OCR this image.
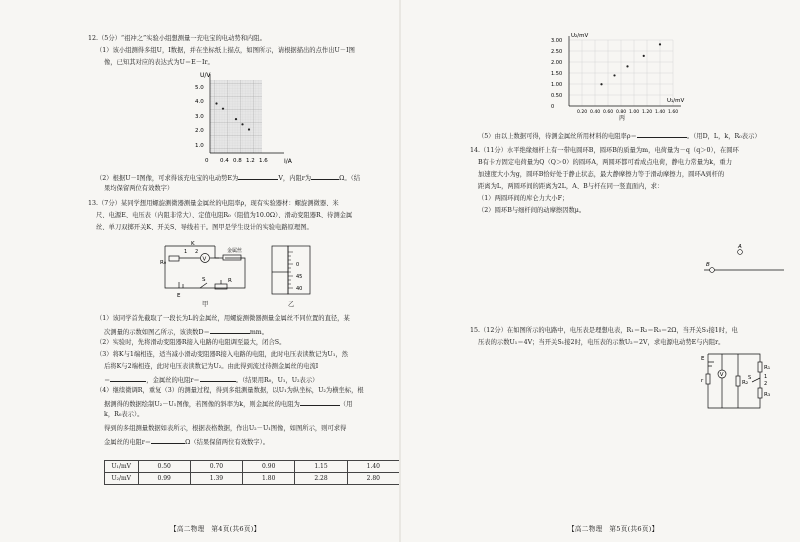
12.（5分）“祖冲之”实验小组想测量一充电宝的电动势和内阻。
（1）该小组测得多组U，I数据，并在坐标纸上描点，如图所示，请根据描出的点作出U－I图
像，已知其对应的表达式为U＝E－Ir。
U/V
I/A
5.0
4.0
3.0
2.0
1.0
0 0.4 0.8 1.2 1.6
（2）根据U－I图像，可求得该充电宝的电动势E为	V，内阻r为	Ω。（结
果均保留两位有效数字）
13.（7分）某同学想用螺旋测微器测量金属丝的电阻率ρ，现有实验器材：螺旋测微器、米
尺、电源E、电压表（内阻非常大）、定值电阻R₀（阻值为10.0Ω）、滑动变阻器R、待测金属
丝、单刀双掷开关K、开关S、导线若干。图甲是学生设计的实验电路原理图。
K
1 2
R₀
V
金属丝
E
S	R
甲
0
45
40
乙
（1）该同学首先截取了一段长为L的金属丝，用螺旋测微器测量金属丝不同位置的直径，某
次测量的示数如图乙所示，该读数D＝	mm。
（2）实验时，先将滑动变阻器R接入电路的电阻调至最大，闭合S。
（3）将K与1端相连，适当减小滑动变阻器R接入电路的电阻，此时电压表读数记为U₁，然
后将K与2端相连，此时电压表读数记为U₂。由此得到流过待测金属丝的电流I
＝	，金属丝的电阻r＝	。（结果用R₀，U₁，U₂表示）
（4）继续微调R，重复（3）的测量过程，得到多组测量数据，以U₁为纵坐标，U₂为横坐标，根
据测得的数据绘制U₂－U₁图像，若图像的斜率为k，则金属丝的电阻为	（用
k，R₀表示）。
得到的多组测量数据如表所示，根据表格数据，作出U₂－U₁图像，如图所示，则可求得
金属丝的电阻r＝	Ω（结果保留两位有效数字）。
U₁/mV	0.50	0.70	0.90	1.15	1.40
U₂/mV	0.99	1.39	1.80	2.28	2.80
【高二物理　第4页(共6页)】
U₂/mV
U₁/mV
3.00
2.50
2.00
1.50
1.00
0.50
0
0.20 0.40 0.60 0.80 1.00 1.20 1.40 1.60
丙
（5）由以上数据可得，待测金属丝所用材料的电阻率ρ＝	。（用D，L，k，R₀表示）
14.（11分）水平绝缘细杆上有一带电圆环B，圆环B的质量为m，电荷量为－q（q＞0），在圆环
B有卡方固定电荷量为Q（Q＞0）的圆环A，两圆环都可看成点电荷，静电力常量为k，重力
加速度大小为g，圆环B恰好处于静止状态，最大静摩擦力等于滑动摩擦力，圆环A到杆的
距离为L，两圆环间的距离为2L，A、B与杆在同一竖直面内，求：
（1）两圆环间的库仑力大小F；
（2）圆环B与细杆间的动摩擦因数μ。
A
B
15.（12分）在如图所示的电路中，电压表是理想电表，R₁＝R₂＝R₃＝2Ω，当开关S₁接1时，电
压表的示数U₁＝4V；当开关S₁接2时，电压表的示数U₂＝2V，求电源电动势E与内阻r。
E
r
V
R₁
R₂
R₃
S	1
2
【高二物理　第5页(共6页)】
